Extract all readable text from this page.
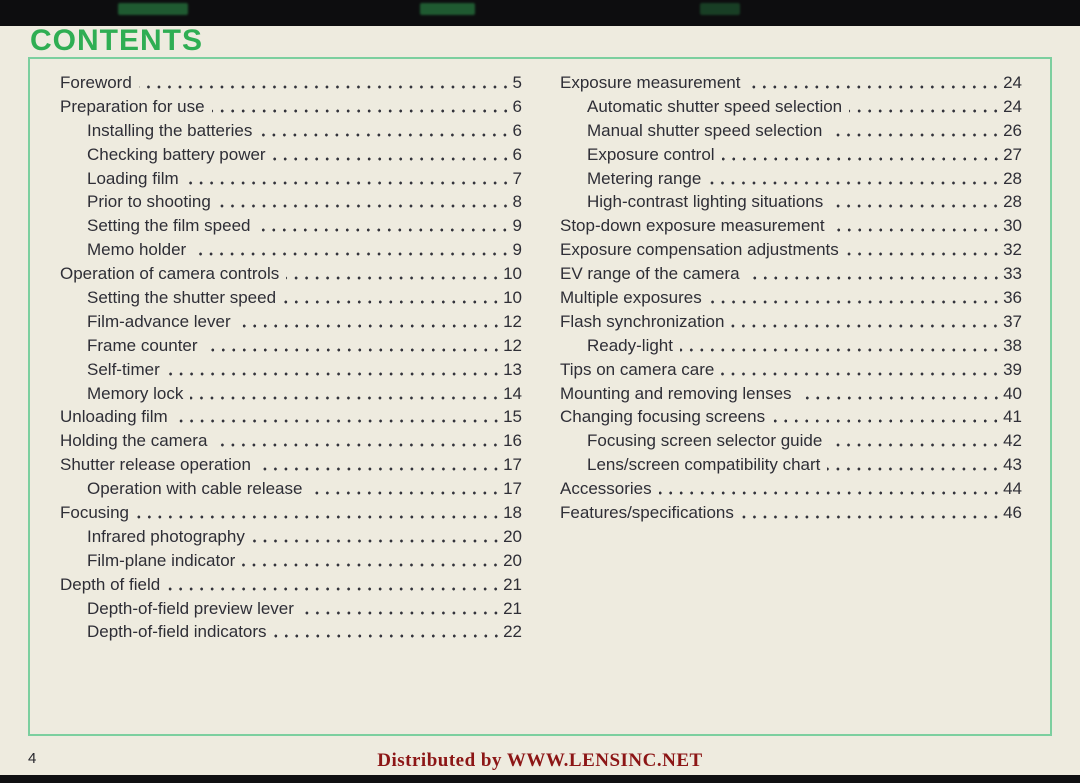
CONTENTS
Foreword	5
Preparation for use	6
Installing the batteries	6
Checking battery power	6
Loading film	7
Prior to shooting	8
Setting the film speed	9
Memo holder	9
Operation of camera controls	10
Setting the shutter speed	10
Film-advance lever	12
Frame counter	12
Self-timer	13
Memory lock	14
Unloading film	15
Holding the camera	16
Shutter release operation	17
Operation with cable release	17
Focusing	18
Infrared photography	20
Film-plane indicator	20
Depth of field	21
Depth-of-field preview lever	21
Depth-of-field indicators	22
Exposure measurement	24
Automatic shutter speed selection	24
Manual shutter speed selection	26
Exposure control	27
Metering range	28
High-contrast lighting situations	28
Stop-down exposure measurement	30
Exposure compensation adjustments	32
EV range of the camera	33
Multiple exposures	36
Flash synchronization	37
Ready-light	38
Tips on camera care	39
Mounting and removing lenses	40
Changing focusing screens	41
Focusing screen selector guide	42
Lens/screen compatibility chart	43
Accessories	44
Features/specifications	46
4	Distributed by WWW.LENSINC.NET
